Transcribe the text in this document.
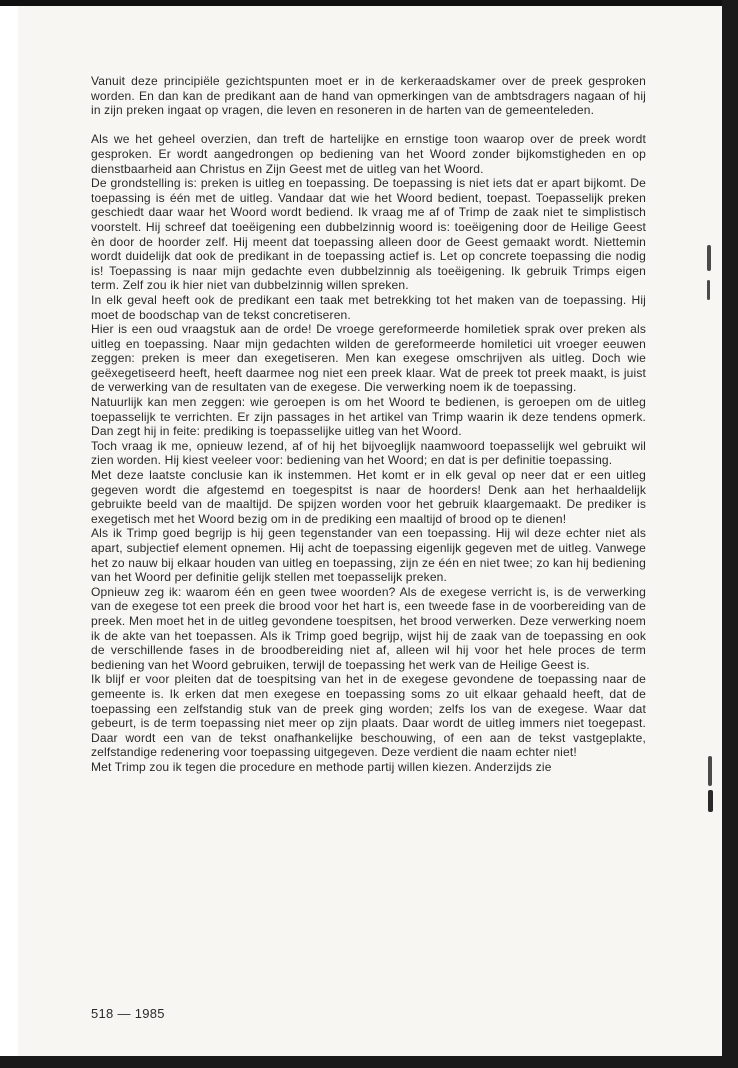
Vanuit deze principiële gezichtspunten moet er in de kerkeraadskamer over de preek gesproken worden. En dan kan de predikant aan de hand van opmerkingen van de ambtsdragers nagaan of hij in zijn preken ingaat op vragen, die leven en resoneren in de harten van de gemeenteleden.

Als we het geheel overzien, dan treft de hartelijke en ernstige toon waarop over de preek wordt gesproken. Er wordt aangedrongen op bediening van het Woord zonder bijkomstigheden en op dienstbaarheid aan Christus en Zijn Geest met de uitleg van het Woord.

De grondstelling is: preken is uitleg en toepassing. De toepassing is niet iets dat er apart bijkomt. De toepassing is één met de uitleg. Vandaar dat wie het Woord bedient, toepast. Toepasselijk preken geschiedt daar waar het Woord wordt bediend. Ik vraag me af of Trimp de zaak niet te simplistisch voorstelt. Hij schreef dat toeëigening een dubbelzinnig woord is: toeëigening door de Heilige Geest èn door de hoorder zelf. Hij meent dat toepassing alleen door de Geest gemaakt wordt. Niettemin wordt duidelijk dat ook de predikant in de toepassing actief is. Let op concrete toepassing die nodig is! Toepassing is naar mijn gedachte even dubbelzinnig als toeëigening. Ik gebruik Trimps eigen term. Zelf zou ik hier niet van dubbelzinnig willen spreken.

In elk geval heeft ook de predikant een taak met betrekking tot het maken van de toepassing. Hij moet de boodschap van de tekst concretiseren.

Hier is een oud vraagstuk aan de orde! De vroege gereformeerde homiletiek sprak over preken als uitleg en toepassing. Naar mijn gedachten wilden de gereformeerde homiletici uit vroeger eeuwen zeggen: preken is meer dan exegetiseren. Men kan exegese omschrijven als uitleg. Doch wie geëxegetiseerd heeft, heeft daarmee nog niet een preek klaar. Wat de preek tot preek maakt, is juist de verwerking van de resultaten van de exegese. Die verwerking noem ik de toepassing.

Natuurlijk kan men zeggen: wie geroepen is om het Woord te bedienen, is geroepen om de uitleg toepasselijk te verrichten. Er zijn passages in het artikel van Trimp waarin ik deze tendens opmerk. Dan zegt hij in feite: prediking is toepasselijke uitleg van het Woord.

Toch vraag ik me, opnieuw lezend, af of hij het bijvoeglijk naamwoord toepasselijk wel gebruikt wil zien worden. Hij kiest veeleer voor: bediening van het Woord; en dat is per definitie toepassing.

Met deze laatste conclusie kan ik instemmen. Het komt er in elk geval op neer dat er een uitleg gegeven wordt die afgestemd en toegespitst is naar de hoorders! Denk aan het herhaaldelijk gebruikte beeld van de maaltijd. De spijzen worden voor het gebruik klaargemaakt. De prediker is exegetisch met het Woord bezig om in de prediking een maaltijd of brood op te dienen!

Als ik Trimp goed begrijp is hij geen tegenstander van een toepassing. Hij wil deze echter niet als apart, subjectief element opnemen. Hij acht de toepassing eigenlijk gegeven met de uitleg. Vanwege het zo nauw bij elkaar houden van uitleg en toepassing, zijn ze één en niet twee; zo kan hij bediening van het Woord per definitie gelijk stellen met toepasselijk preken.

Opnieuw zeg ik: waarom één en geen twee woorden? Als de exegese verricht is, is de verwerking van de exegese tot een preek die brood voor het hart is, een tweede fase in de voorbereiding van de preek. Men moet het in de uitleg gevondene toespitsen, het brood verwerken. Deze verwerking noem ik de akte van het toepassen. Als ik Trimp goed begrijp, wijst hij de zaak van de toepassing en ook de verschillende fases in de broodbereiding niet af, alleen wil hij voor het hele proces de term bediening van het Woord gebruiken, terwijl de toepassing het werk van de Heilige Geest is.

Ik blijf er voor pleiten dat de toespitsing van het in de exegese gevondene de toepassing naar de gemeente is. Ik erken dat men exegese en toepassing soms zo uit elkaar gehaald heeft, dat de toepassing een zelfstandig stuk van de preek ging worden; zelfs los van de exegese. Waar dat gebeurt, is de term toepassing niet meer op zijn plaats. Daar wordt de uitleg immers niet toegepast. Daar wordt een van de tekst onafhankelijke beschouwing, of een aan de tekst vastgeplakte, zelfstandige redenering voor toepassing uitgegeven. Deze verdient die naam echter niet!

Met Trimp zou ik tegen die procedure en methode partij willen kiezen. Anderzijds zie

518 — 1985
